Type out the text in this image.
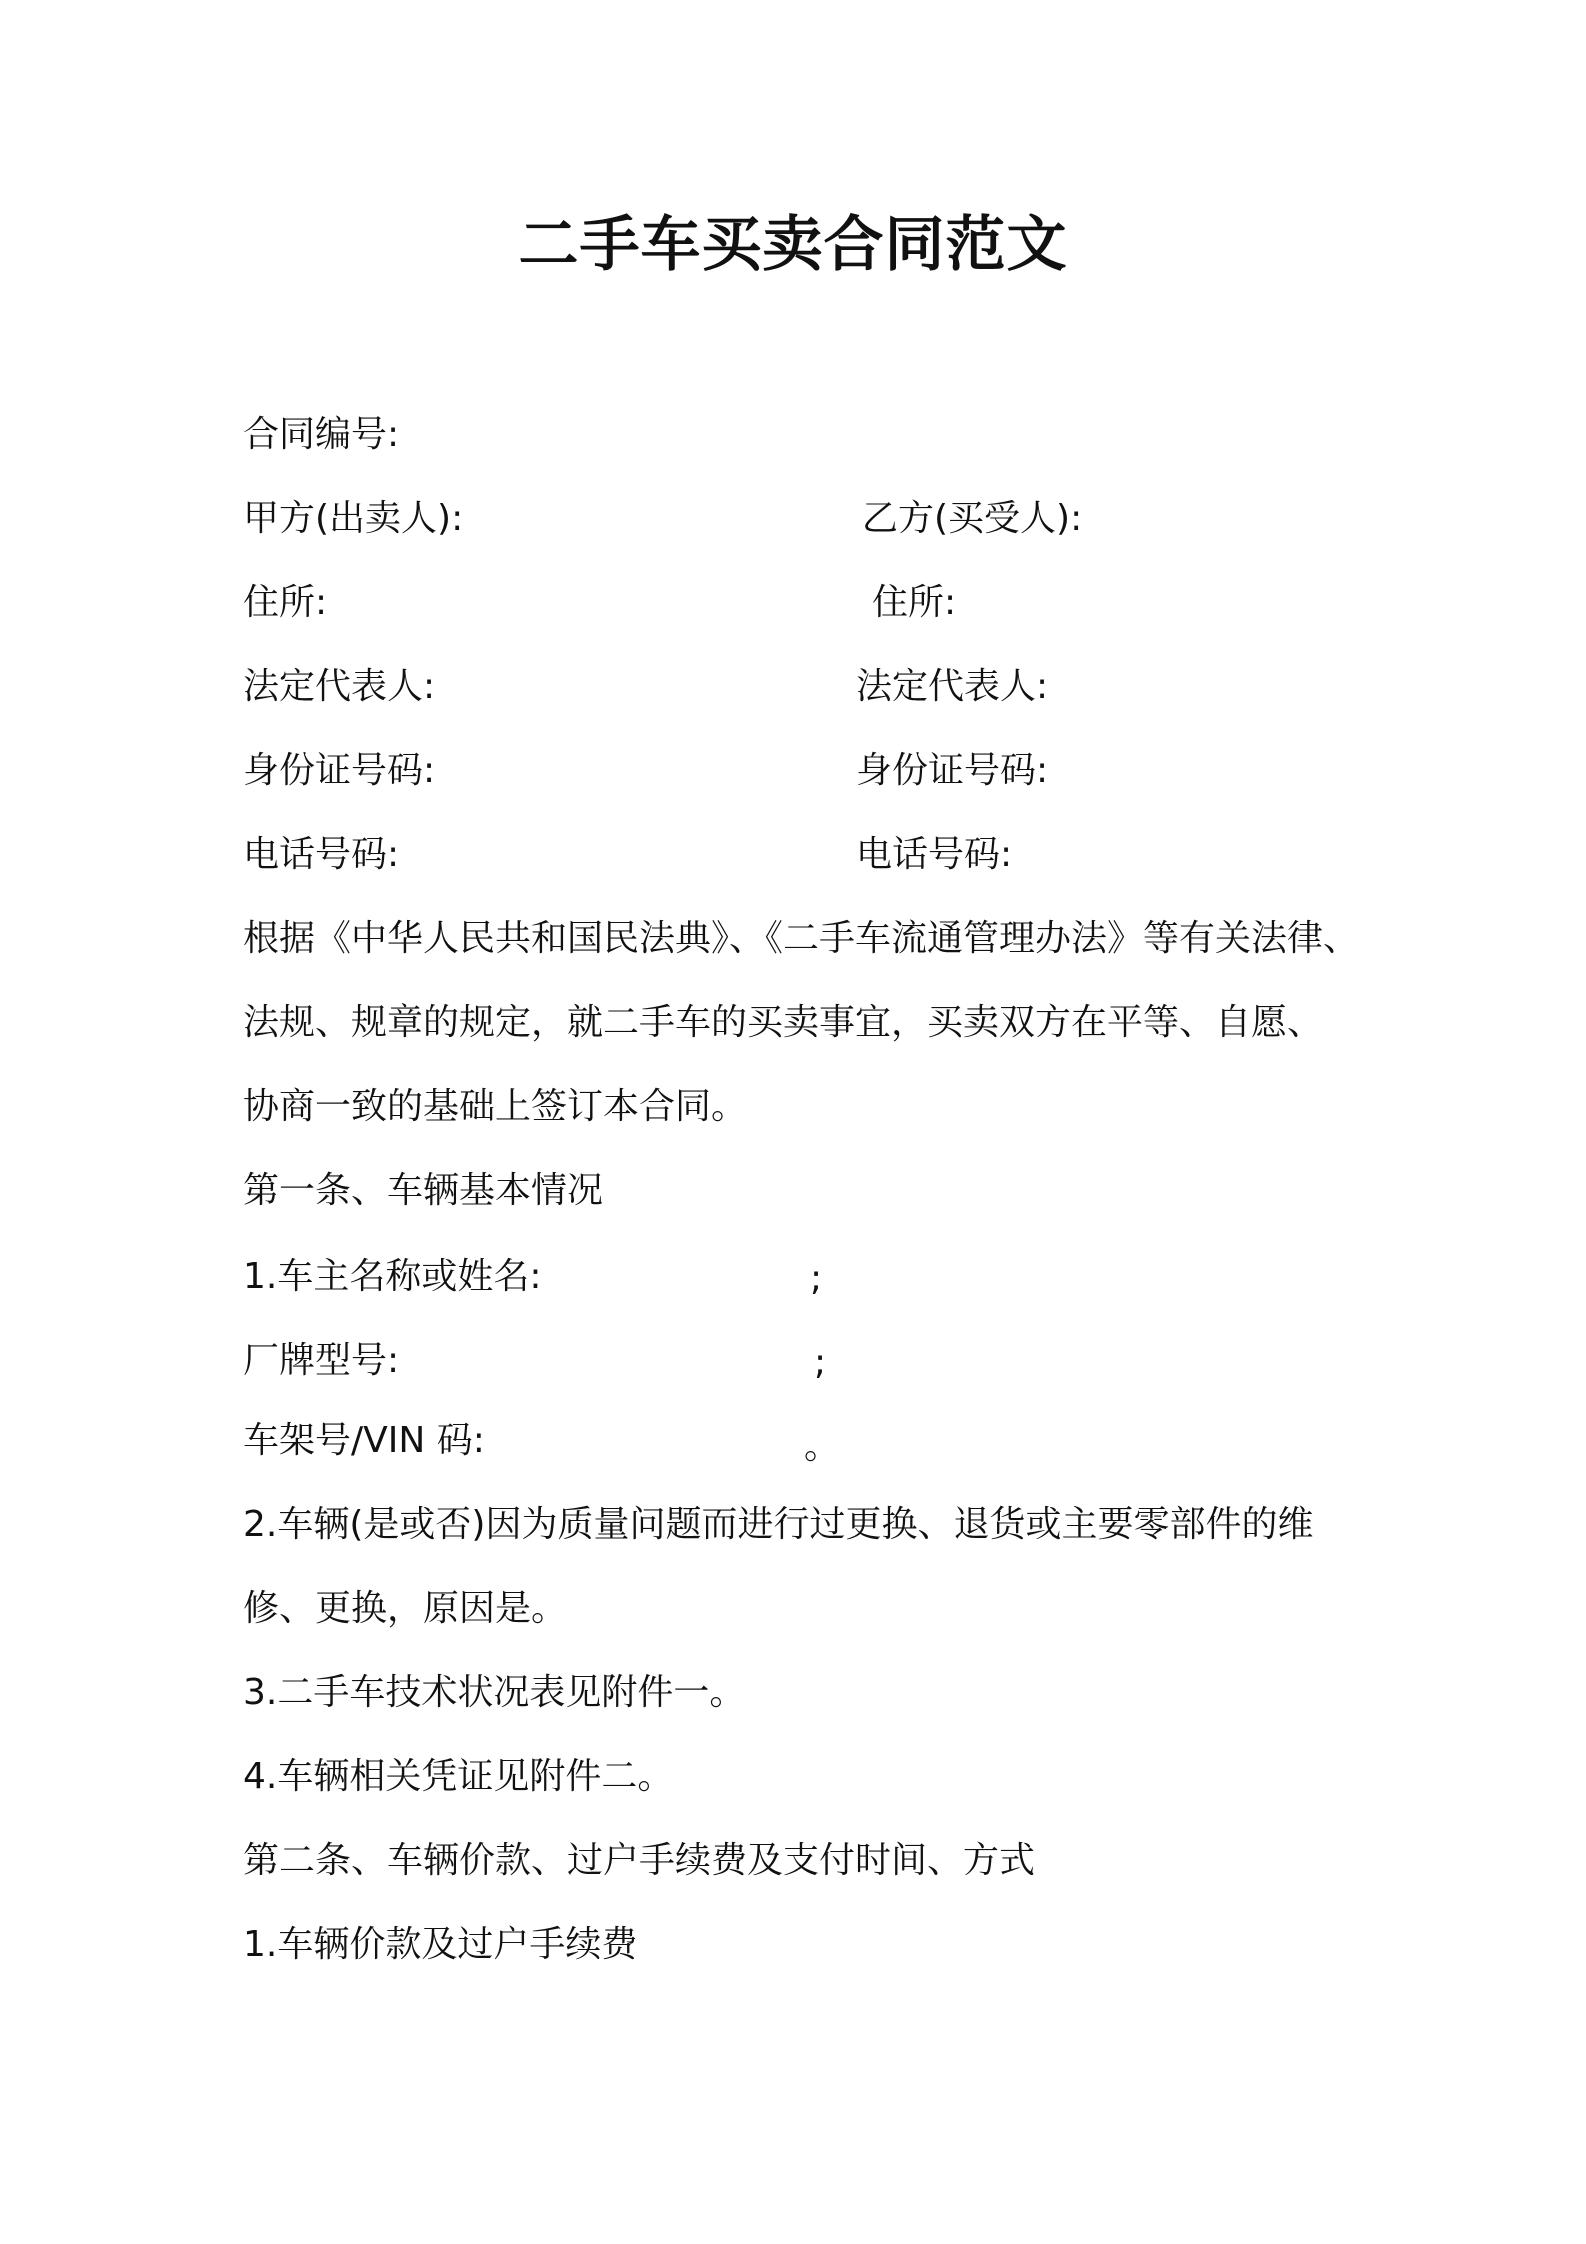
二手车买卖合同范文
合同编号:
甲方(出卖人):	乙方(买受人):
住所:	住所:
法定代表人:	法定代表人:
身份证号码:	身份证号码:
电话号码:	电话号码:
根据《中华人民共和国民法典》、《二手车流通管理办法》等有关法律、
法规、规章的规定，就二手车的买卖事宜，买卖双方在平等、自愿、
协商一致的基础上签订本合同。
第一条、车辆基本情况
1.车主名称或姓名:	;
厂牌型号:	;
车架号/VIN 码:	。
2.车辆(是或否)因为质量问题而进行过更换、退货或主要零部件的维
修、更换，原因是。
3.二手车技术状况表见附件一。
4.车辆相关凭证见附件二。
第二条、车辆价款、过户手续费及支付时间、方式
1.车辆价款及过户手续费
